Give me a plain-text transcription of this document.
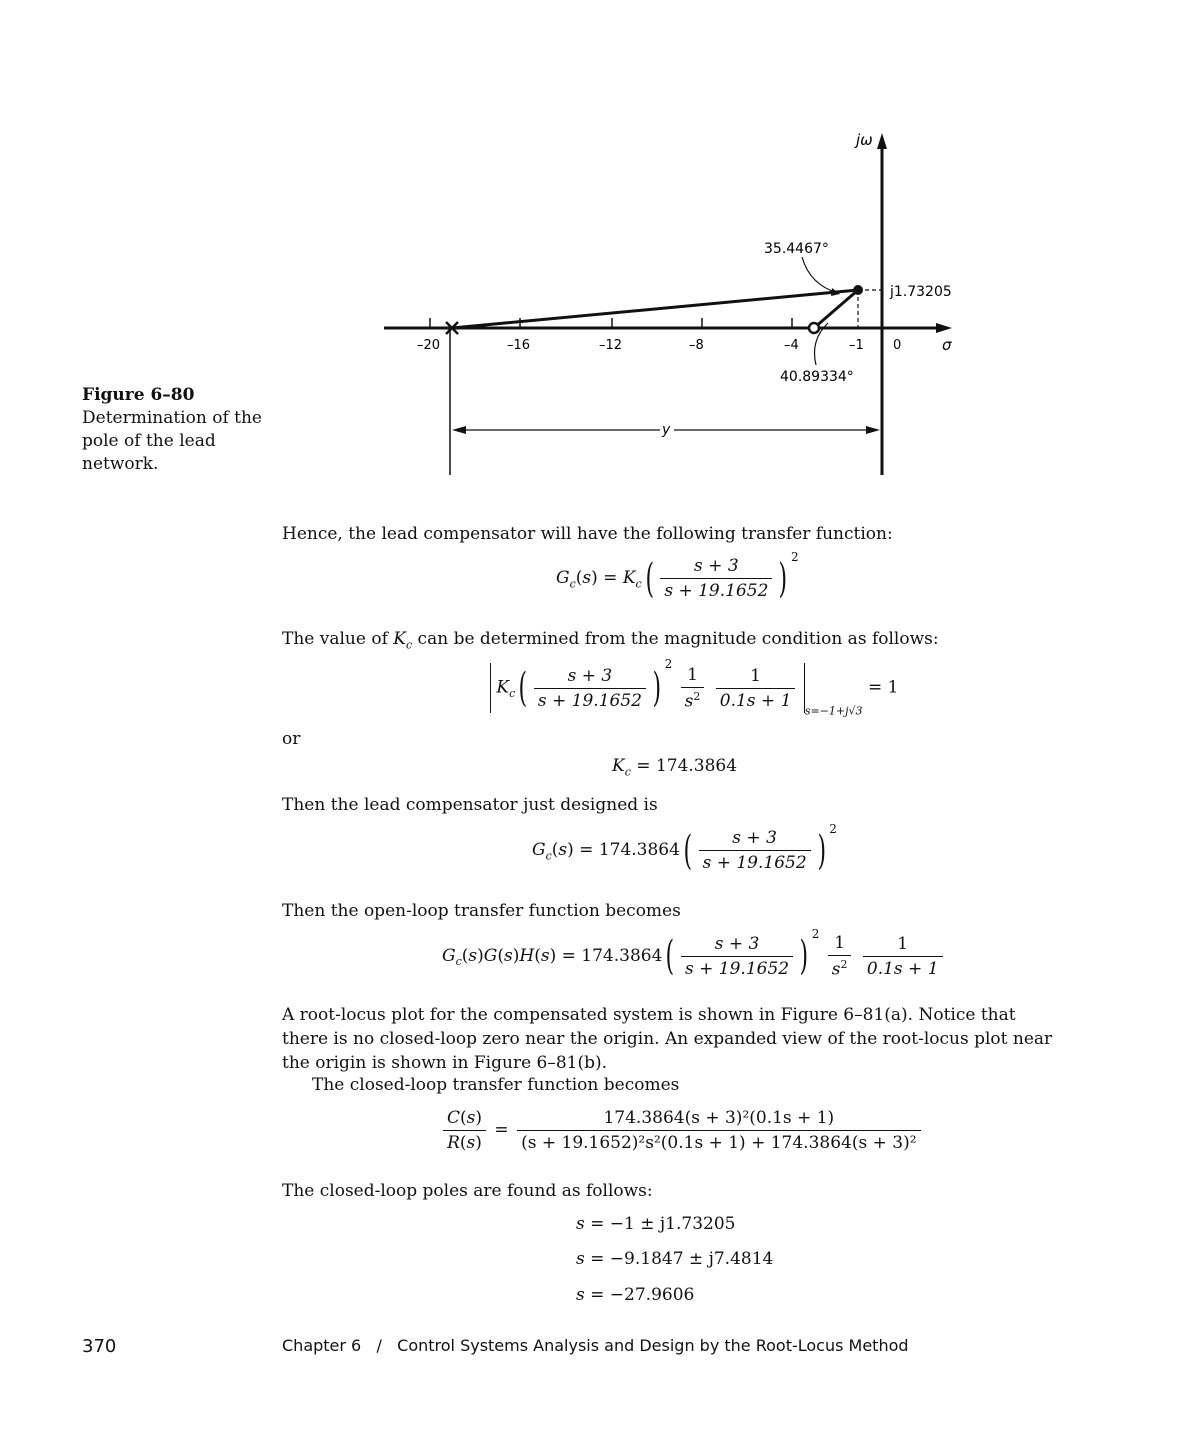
jω
σ
–20	–16	–12	–8	–4	–1 0
j1.73205
35.4467°
40.89334°
y
Figure 6–80
Determination of the pole of the lead network.
Hence, the lead compensator will have the following transfer function:
$G_c(s) = K_c( \frac{s + 3}{s + 19.1652}$ ) $^2$
The value of $K_c$ can be determined from the magnitude condition as follows:
$K_c( \frac{s + 3}{s + 19.1652} )^2$
$\frac{1}{s^2}$
$\frac{1}{0.1s + 1}$
$_{s=-1+j√3}$ = 1
or
$K_c = 174.3864$
Then the lead compensator just designed is
$G_c(s) = 174.3864( \frac{s + 3}{s + 19.1652}$ ) $^2$
Then the open-loop transfer function becomes
$G_c(s)G(s)H(s) = 174.3864( \frac{s + 3}{s + 19.1652}$ ) $^2 \frac{1}{s^2}$
$\frac{1}{0.1s + 1}$
A root-locus plot for the compensated system is shown in Figure 6–81(a). Notice that there is no closed-loop zero near the origin. An expanded view of the root-locus plot near the origin is shown in Figure 6–81(b).
The closed-loop transfer function becomes
$\frac{C(s)}{R(s)} = \frac{\text{174.3864(s + 3)²(0.1s + 1)}}{\text{(s + 19.1652)²s²(0.1s + 1) + 174.3864(s + 3)²}}$
The closed-loop poles are found as follows:
s = −1 ± j1.73205
s = −9.1847 ± j7.4814
s = −27.9606
370	Chapter 6   /   Control Systems Analysis and Design by the Root-Locus Method
